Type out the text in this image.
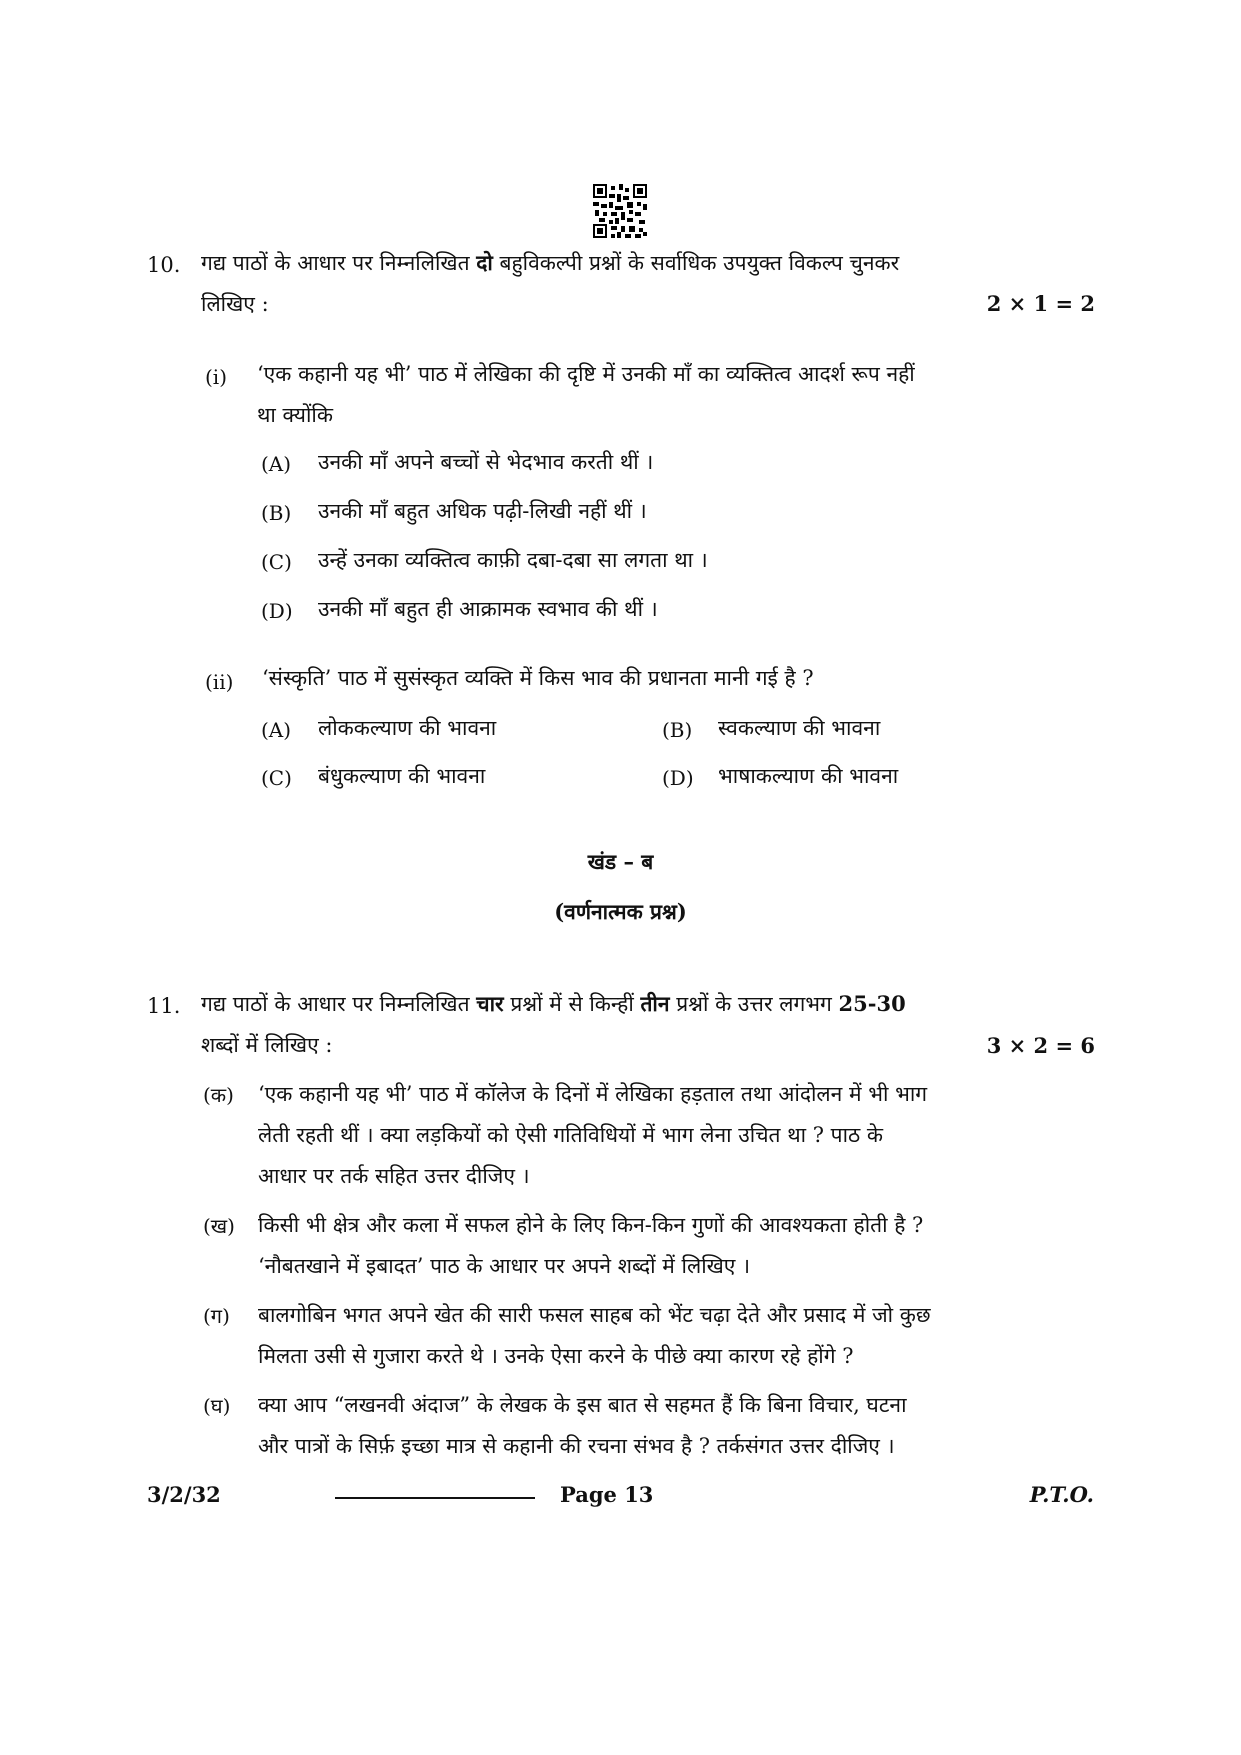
10. गद्य पाठों के आधार पर निम्नलिखित दो बहुविकल्पी प्रश्नों के सर्वाधिक उपयुक्त विकल्प चुनकर
लिखिए :	2 × 1 = 2
(i) ‘एक कहानी यह भी’ पाठ में लेखिका की दृष्टि में उनकी माँ का व्यक्तित्व आदर्श रूप नहीं
था क्योंकि
(A) उनकी माँ अपने बच्चों से भेदभाव करती थीं ।
(B) उनकी माँ बहुत अधिक पढ़ी-लिखी नहीं थीं ।
(C) उन्हें उनका व्यक्तित्व काफ़ी दबा-दबा सा लगता था ।
(D) उनकी माँ बहुत ही आक्रामक स्वभाव की थीं ।
(ii) ‘संस्कृति’ पाठ में सुसंस्कृत व्यक्ति में किस भाव की प्रधानता मानी गई है ?
(A) लोककल्याण की भावना	(B) स्वकल्याण की भावना
(C) बंधुकल्याण की भावना	(D) भाषाकल्याण की भावना
खंड – ब
(वर्णनात्मक प्रश्न)
11. गद्य पाठों के आधार पर निम्नलिखित चार प्रश्नों में से किन्हीं तीन प्रश्नों के उत्तर लगभग 25-30
शब्दों में लिखिए :	3 × 2 = 6
(क) ‘एक कहानी यह भी’ पाठ में कॉलेज के दिनों में लेखिका हड़ताल तथा आंदोलन में भी भाग
लेती रहती थीं । क्या लड़कियों को ऐसी गतिविधियों में भाग लेना उचित था ? पाठ के
आधार पर तर्क सहित उत्तर दीजिए ।
(ख) किसी भी क्षेत्र और कला में सफल होने के लिए किन-किन गुणों की आवश्यकता होती है ?
‘नौबतखाने में इबादत’ पाठ के आधार पर अपने शब्दों में लिखिए ।
(ग) बालगोबिन भगत अपने खेत की सारी फसल साहब को भेंट चढ़ा देते और प्रसाद में जो कुछ
मिलता उसी से गुजारा करते थे । उनके ऐसा करने के पीछे क्या कारण रहे होंगे ?
(घ) क्या आप “लखनवी अंदाज” के लेखक के इस बात से सहमत हैं कि बिना विचार, घटना
और पात्रों के सिर्फ़ इच्छा मात्र से कहानी की रचना संभव है ? तर्कसंगत उत्तर दीजिए ।
3/2/32	Page 13	P.T.O.
